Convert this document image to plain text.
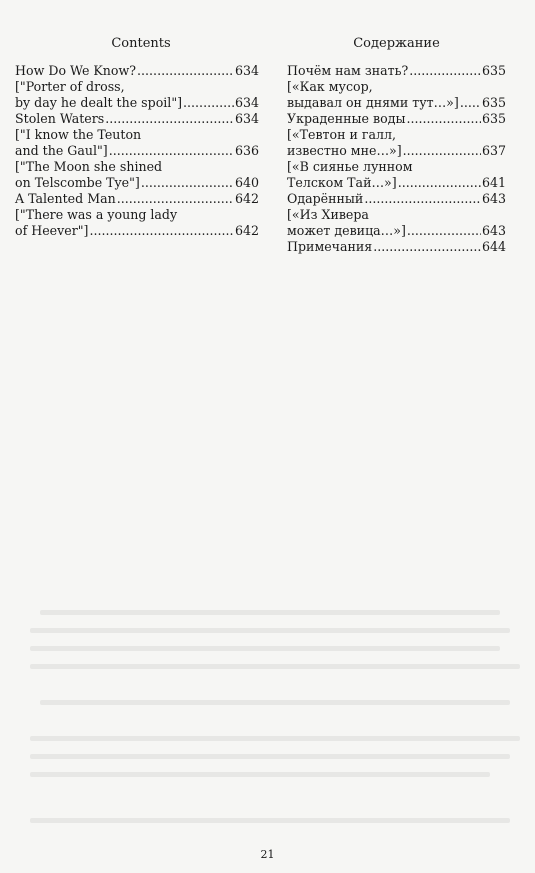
Contents
How Do We Know? .....	634
["Porter of dross,
by day he dealt the spoil"] .....	634
Stolen Waters .....	634
["I know the Teuton
and the Gaul"] .....	636
["The Moon she shined
on Telscombe Tye"] .....	640
A Talented Man .....	642
["There was a young lady
of Heever"] .....	642
Содержание
Почём нам знать? .....	635
[«Как мусор,
выдавал он днями тут…»] ..... 635
Украденные воды .....	635
[«Тевтон и галл,
известно мне…»] .....	637
[«В сиянье лунном
Телском Тай…»] .....	641
Одарённый .....	643
[«Из Хивера
может девица…»] .....	643
Примечания .....	644
21
